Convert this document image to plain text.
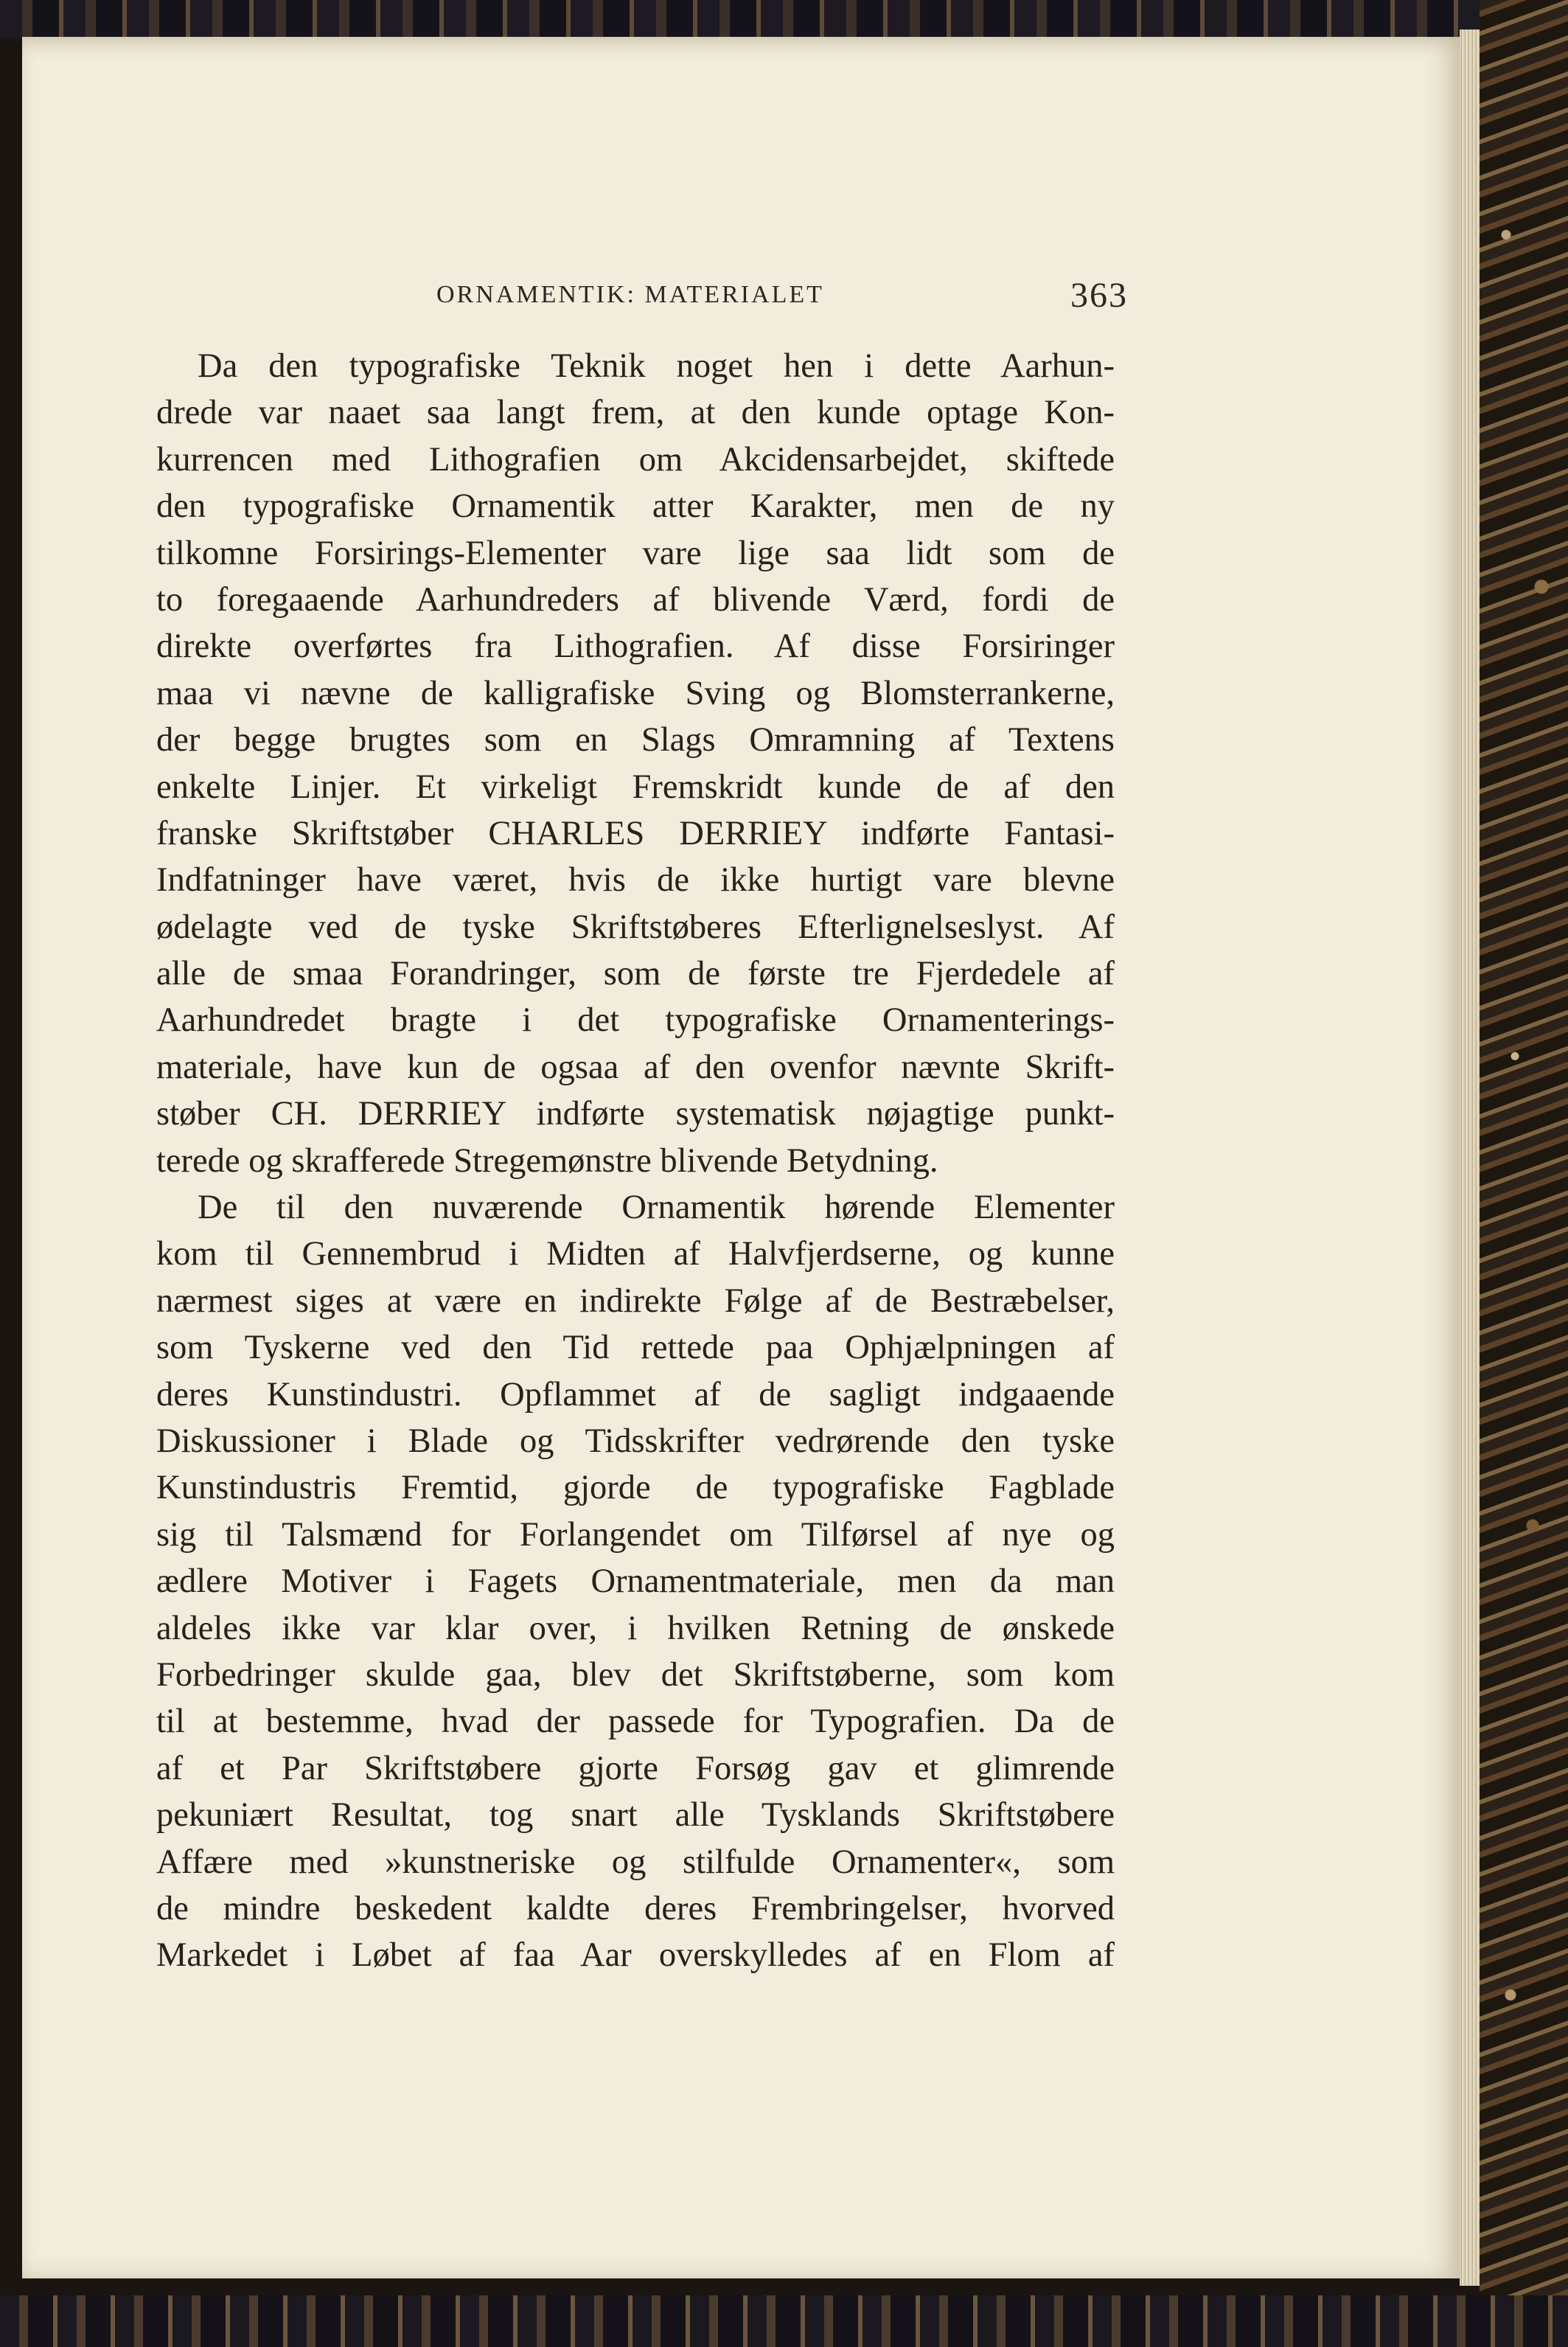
ORNAMENTIK: MATERIALET	363
Da den typografiske Teknik noget hen i dette Aarhun-
drede var naaet saa langt frem, at den kunde optage Kon-
kurrencen med Lithografien om Akcidensarbejdet, skiftede
den typografiske Ornamentik atter Karakter, men de ny
tilkomne Forsirings-Elementer vare lige saa lidt som de
to foregaaende Aarhundreders af blivende Værd, fordi de
direkte overførtes fra Lithografien. Af disse Forsiringer
maa vi nævne de kalligrafiske Sving og Blomsterrankerne,
der begge brugtes som en Slags Omramning af Textens
enkelte Linjer. Et virkeligt Fremskridt kunde de af den
franske Skriftstøber CHARLES DERRIEY indførte Fantasi-
Indfatninger have været, hvis de ikke hurtigt vare blevne
ødelagte ved de tyske Skriftstøberes Efterlignelseslyst. Af
alle de smaa Forandringer, som de første tre Fjerdedele af
Aarhundredet bragte i det typografiske Ornamenterings-
materiale, have kun de ogsaa af den ovenfor nævnte Skrift-
støber CH. DERRIEY indførte systematisk nøjagtige punkt-
terede og skrafferede Stregemønstre blivende Betydning.
De til den nuværende Ornamentik hørende Elementer
kom til Gennembrud i Midten af Halvfjerdserne, og kunne
nærmest siges at være en indirekte Følge af de Bestræbelser,
som Tyskerne ved den Tid rettede paa Ophjælpningen af
deres Kunstindustri. Opflammet af de sagligt indgaaende
Diskussioner i Blade og Tidsskrifter vedrørende den tyske
Kunstindustris Fremtid, gjorde de typografiske Fagblade
sig til Talsmænd for Forlangendet om Tilførsel af nye og
ædlere Motiver i Fagets Ornamentmateriale, men da man
aldeles ikke var klar over, i hvilken Retning de ønskede
Forbedringer skulde gaa, blev det Skriftstøberne, som kom
til at bestemme, hvad der passede for Typografien. Da de
af et Par Skriftstøbere gjorte Forsøg gav et glimrende
pekuniært Resultat, tog snart alle Tysklands Skriftstøbere
Affære med »kunstneriske og stilfulde Ornamenter«, som
de mindre beskedent kaldte deres Frembringelser, hvorved
Markedet i Løbet af faa Aar overskylledes af en Flom af
